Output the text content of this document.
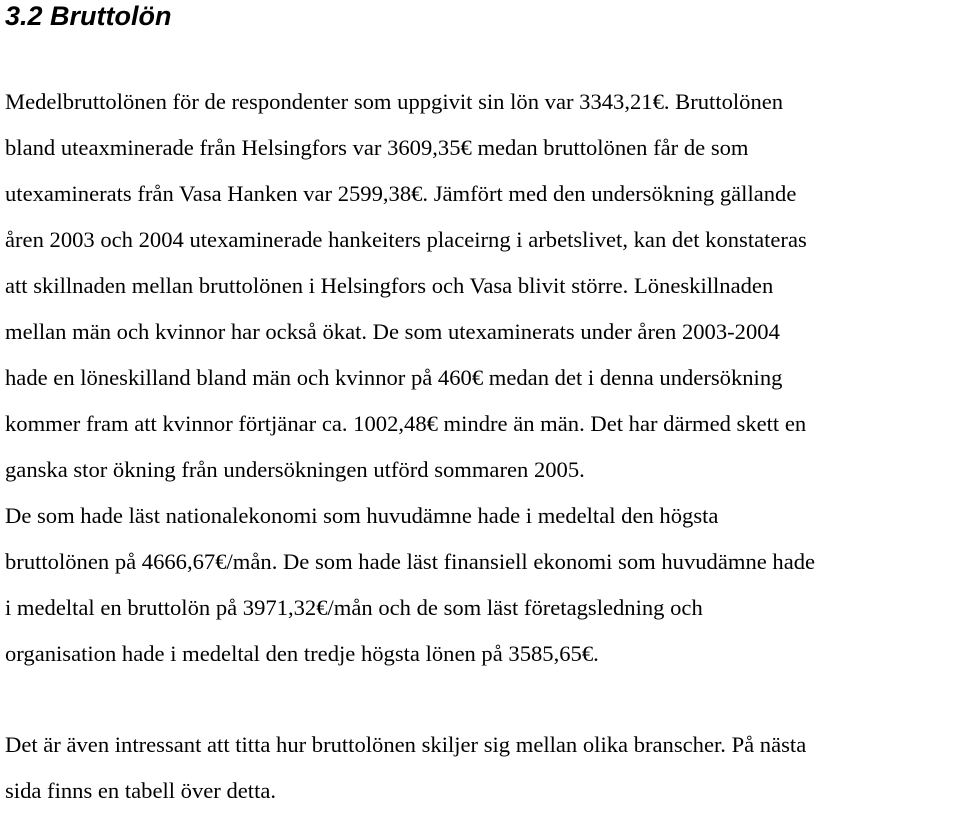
3.2 Bruttolön
Medelbruttolönen för de respondenter som uppgivit sin lön var 3343,21€. Bruttolönen
bland uteaxminerade från Helsingfors var 3609,35€ medan bruttolönen får de som
utexaminerats från Vasa Hanken var 2599,38€. Jämfört med den undersökning gällande
åren 2003 och 2004 utexaminerade hankeiters placeirng i arbetslivet, kan det konstateras
att skillnaden mellan bruttolönen i Helsingfors och Vasa blivit större. Löneskillnaden
mellan män och kvinnor har också ökat. De som utexaminerats under åren 2003-2004
hade en löneskilland bland män och kvinnor på 460€ medan det i denna undersökning
kommer fram att kvinnor förtjänar ca. 1002,48€ mindre än män. Det har därmed skett en
ganska stor ökning från undersökningen utförd sommaren 2005.
De som hade läst nationalekonomi som huvudämne hade i medeltal den högsta
bruttolönen på 4666,67€/mån. De som hade läst finansiell ekonomi som huvudämne hade
i medeltal en bruttolön på 3971,32€/mån och de som läst företagsledning och
organisation hade i medeltal den tredje högsta lönen på 3585,65€.
Det är även intressant att titta hur bruttolönen skiljer sig mellan olika branscher. På nästa
sida finns en tabell över detta.
